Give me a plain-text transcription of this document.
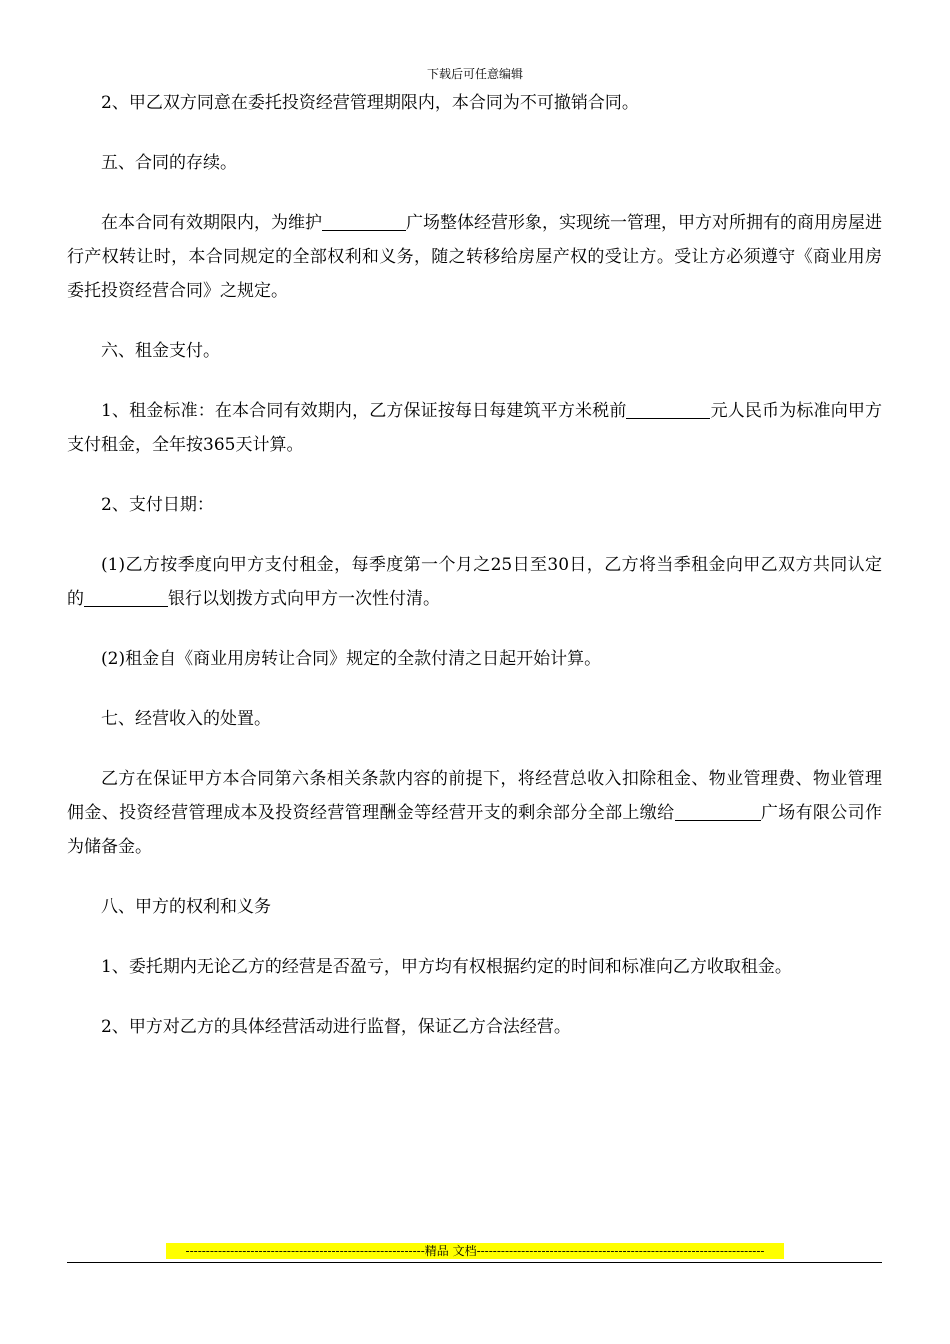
下载后可任意编辑

2、甲乙双方同意在委托投资经营管理期限内，本合同为不可撤销合同。

五、合同的存续。

在本合同有效期限内，为维护	广场整体经营形象，实现统一管理，甲方对所拥有的商用房屋进行产权转让时，本合同规定的全部权利和义务，随之转移给房屋产权的受让方。受让方必须遵守《商业用房委托投资经营合同》之规定。

六、租金支付。

1、租金标准：在本合同有效期内，乙方保证按每日每建筑平方米税前	元人民币为标准向甲方支付租金，全年按365天计算。

2、支付日期：

(1)乙方按季度向甲方支付租金，每季度第一个月之25日至30日，乙方将当季租金向甲乙双方共同认定的	银行以划拨方式向甲方一次性付清。

(2)租金自《商业用房转让合同》规定的全款付清之日起开始计算。

七、经营收入的处置。

乙方在保证甲方本合同第六条相关条款内容的前提下，将经营总收入扣除租金、物业管理费、物业管理佣金、投资经营管理成本及投资经营管理酬金等经营开支的剩余部分全部上缴给	广场有限公司作为储备金。

八、甲方的权利和义务

1、委托期内无论乙方的经营是否盈亏，甲方均有权根据约定的时间和标准向乙方收取租金。

2、甲方对乙方的具体经营活动进行监督，保证乙方合法经营。

-----------------------------------------------------------精品 文档-----------------------------------------------------------------------
